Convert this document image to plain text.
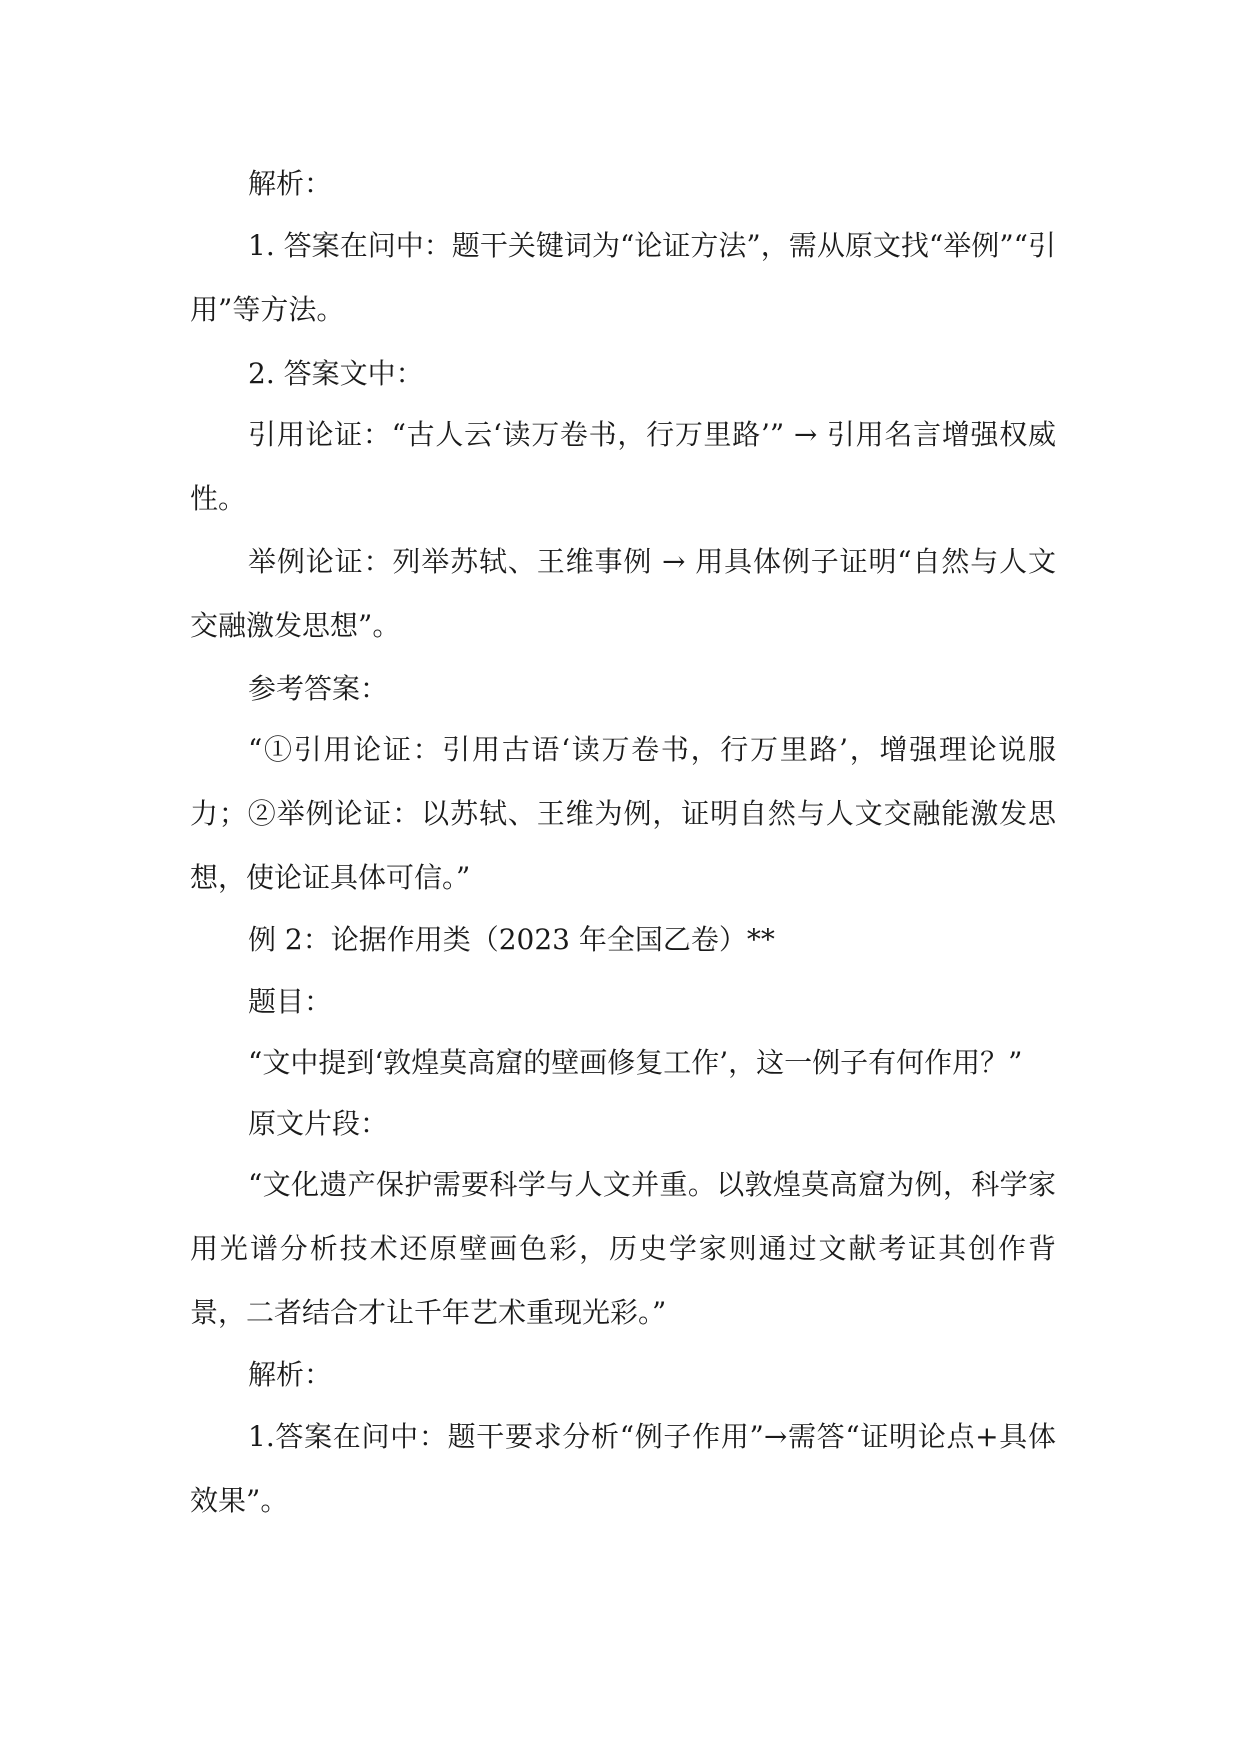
解析：

1. 答案在问中：题干关键词为“论证方法”，需从原文找“举例”“引用”等方法。

2. 答案文中：

引用论证：“古人云‘读万卷书，行万里路’” → 引用名言增强权威性。

举例论证：列举苏轼、王维事例 → 用具体例子证明“自然与人文交融激发思想”。

参考答案：

“①引用论证：引用古语‘读万卷书，行万里路’，增强理论说服力；②举例论证：以苏轼、王维为例，证明自然与人文交融能激发思想，使论证具体可信。”

例 2：论据作用类（2023 年全国乙卷）**

题目：

“文中提到‘敦煌莫高窟的壁画修复工作’，这一例子有何作用？”

原文片段：

“文化遗产保护需要科学与人文并重。以敦煌莫高窟为例，科学家用光谱分析技术还原壁画色彩，历史学家则通过文献考证其创作背景，二者结合才让千年艺术重现光彩。”

解析：

1.答案在问中：题干要求分析“例子作用”→需答“证明论点+具体效果”。
